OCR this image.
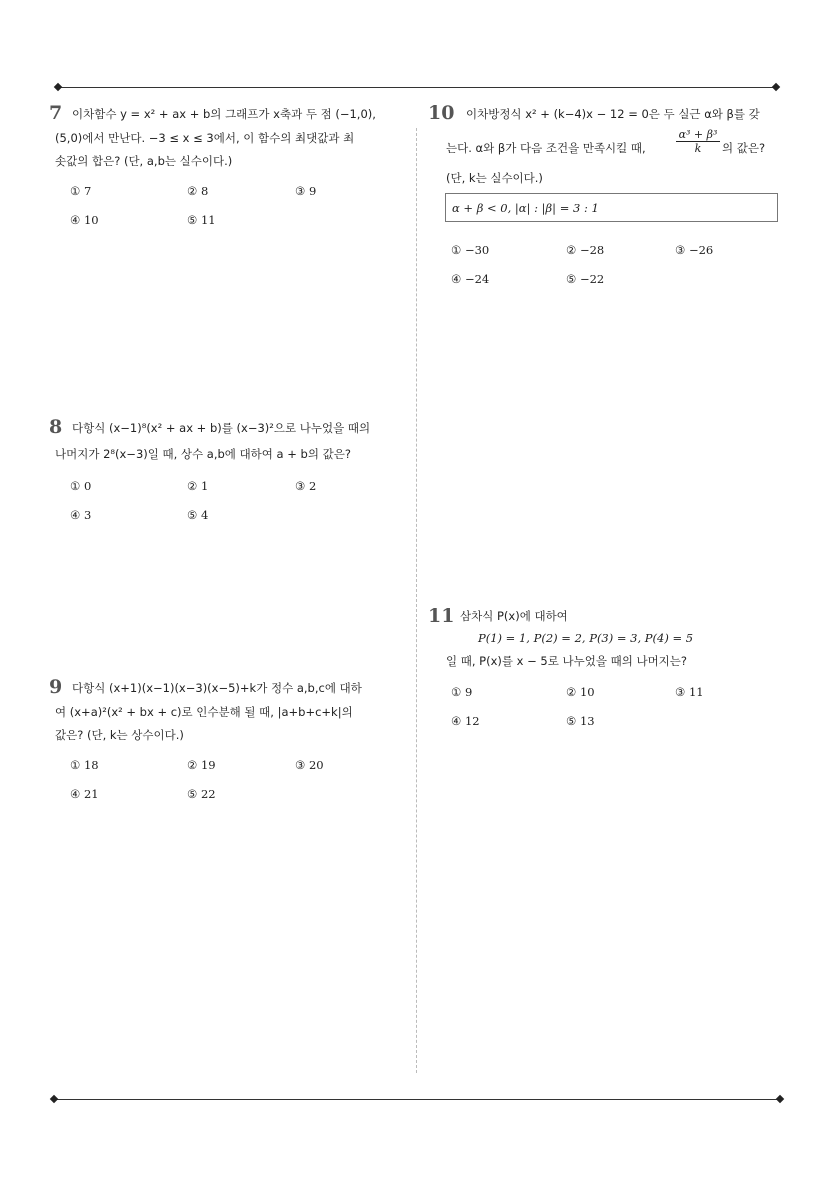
7 이차함수 y = x² + ax + b의 그래프가 x축과 두 점 (−1,0),
(5,0)에서 만난다. −3 ≤ x ≤ 3에서, 이 함수의 최댓값과 최
솟값의 합은? (단, a,b는 실수이다.)
① 7	② 8	③ 9
④ 10	⑤ 11
8 다항식 (x−1)⁸(x² + ax + b)를 (x−3)²으로 나누었을 때의
나머지가 2⁸(x−3)일 때, 상수 a,b에 대하여 a + b의 값은?
① 0	② 1	③ 2
④ 3	⑤ 4
9 다항식 (x+1)(x−1)(x−3)(x−5)+k가 정수 a,b,c에 대하
여 (x+a)²(x² + bx + c)로 인수분해 될 때, |a+b+c+k|의
값은? (단, k는 상수이다.)
① 18	② 19	③ 20
④ 21	⑤ 22
10 이차방정식 x² + (k−4)x − 12 = 0은 두 실근 α와 β를 갖
는다. α와 β가 다음 조건을 만족시킬 때,	$\frac{\text{α³ + β³}}{k}$ 의 값은?
(단, k는 실수이다.)
α + β < 0, |α| : |β| = 3 : 1
① −30	② −28	③ −26
④ −24	⑤ −22
11 삼차식 P(x)에 대하여
P(1) = 1, P(2) = 2, P(3) = 3, P(4) = 5
일 때, P(x)를 x − 5로 나누었을 때의 나머지는?
① 9	② 10	③ 11
④ 12	⑤ 13
